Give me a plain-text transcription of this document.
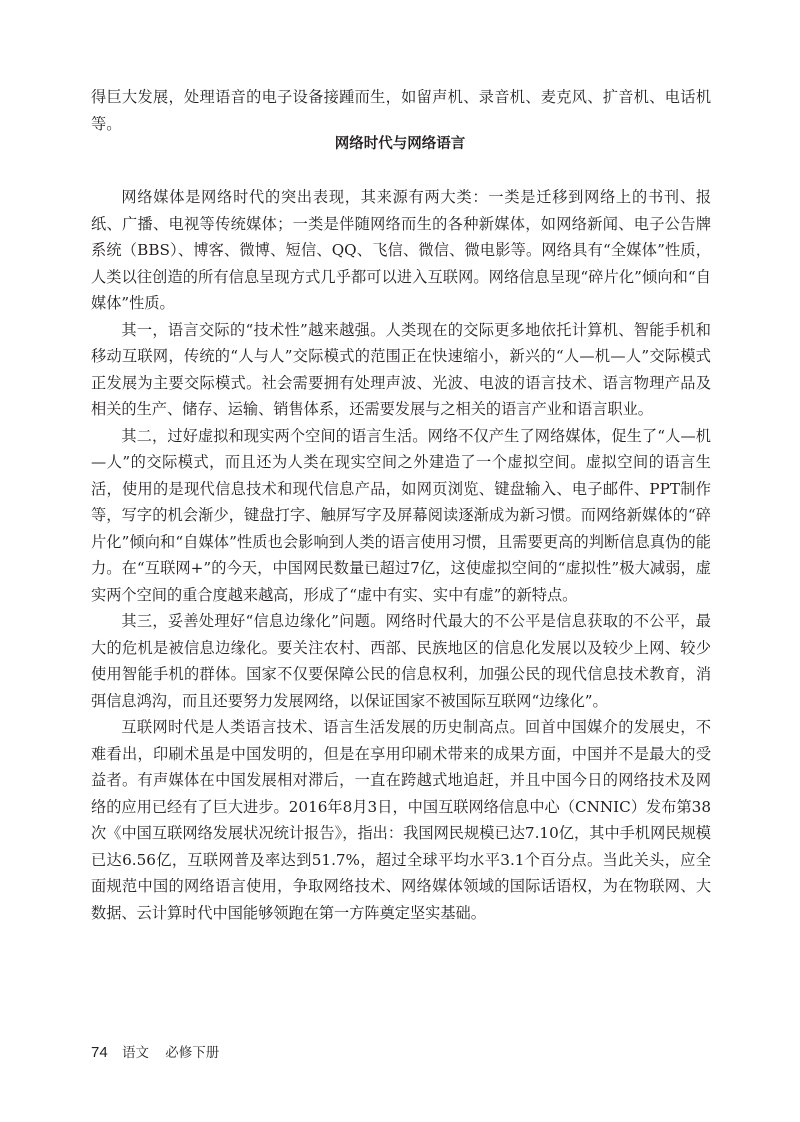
得巨大发展，处理语音的电子设备接踵而生，如留声机、录音机、麦克风、扩音机、电话机等。
网络时代与网络语言

网络媒体是网络时代的突出表现，其来源有两大类：一类是迁移到网络上的书刊、报纸、广播、电视等传统媒体；一类是伴随网络而生的各种新媒体，如网络新闻、电子公告牌系统（BBS）、博客、微博、短信、QQ、飞信、微信、微电影等。网络具有“全媒体”性质，人类以往创造的所有信息呈现方式几乎都可以进入互联网。网络信息呈现“碎片化”倾向和“自媒体”性质。

其一，语言交际的“技术性”越来越强。人类现在的交际更多地依托计算机、智能手机和移动互联网，传统的“人与人”交际模式的范围正在快速缩小，新兴的“人—机—人”交际模式正发展为主要交际模式。社会需要拥有处理声波、光波、电波的语言技术、语言物理产品及相关的生产、储存、运输、销售体系，还需要发展与之相关的语言产业和语言职业。

其二，过好虚拟和现实两个空间的语言生活。网络不仅产生了网络媒体，促生了“人—机—人”的交际模式，而且还为人类在现实空间之外建造了一个虚拟空间。虚拟空间的语言生活，使用的是现代信息技术和现代信息产品，如网页浏览、键盘输入、电子邮件、PPT制作等，写字的机会渐少，键盘打字、触屏写字及屏幕阅读逐渐成为新习惯。而网络新媒体的“碎片化”倾向和“自媒体”性质也会影响到人类的语言使用习惯，且需要更高的判断信息真伪的能力。在“互联网+”的今天，中国网民数量已超过7亿，这使虚拟空间的“虚拟性”极大减弱，虚实两个空间的重合度越来越高，形成了“虚中有实、实中有虚”的新特点。

其三，妥善处理好“信息边缘化”问题。网络时代最大的不公平是信息获取的不公平，最大的危机是被信息边缘化。要关注农村、西部、民族地区的信息化发展以及较少上网、较少使用智能手机的群体。国家不仅要保障公民的信息权利，加强公民的现代信息技术教育，消弭信息鸿沟，而且还要努力发展网络，以保证国家不被国际互联网“边缘化”。

互联网时代是人类语言技术、语言生活发展的历史制高点。回首中国媒介的发展史，不难看出，印刷术虽是中国发明的，但是在享用印刷术带来的成果方面，中国并不是最大的受益者。有声媒体在中国发展相对滞后，一直在跨越式地追赶，并且中国今日的网络技术及网络的应用已经有了巨大进步。2016年8月3日，中国互联网络信息中心（CNNIC）发布第38次《中国互联网络发展状况统计报告》，指出：我国网民规模已达7.10亿，其中手机网民规模已达6.56亿，互联网普及率达到51.7%，超过全球平均水平3.1个百分点。当此关头，应全面规范中国的网络语言使用，争取网络技术、网络媒体领域的国际话语权，为在物联网、大数据、云计算时代中国能够领跑在第一方阵奠定坚实基础。

74 语文 必修下册
